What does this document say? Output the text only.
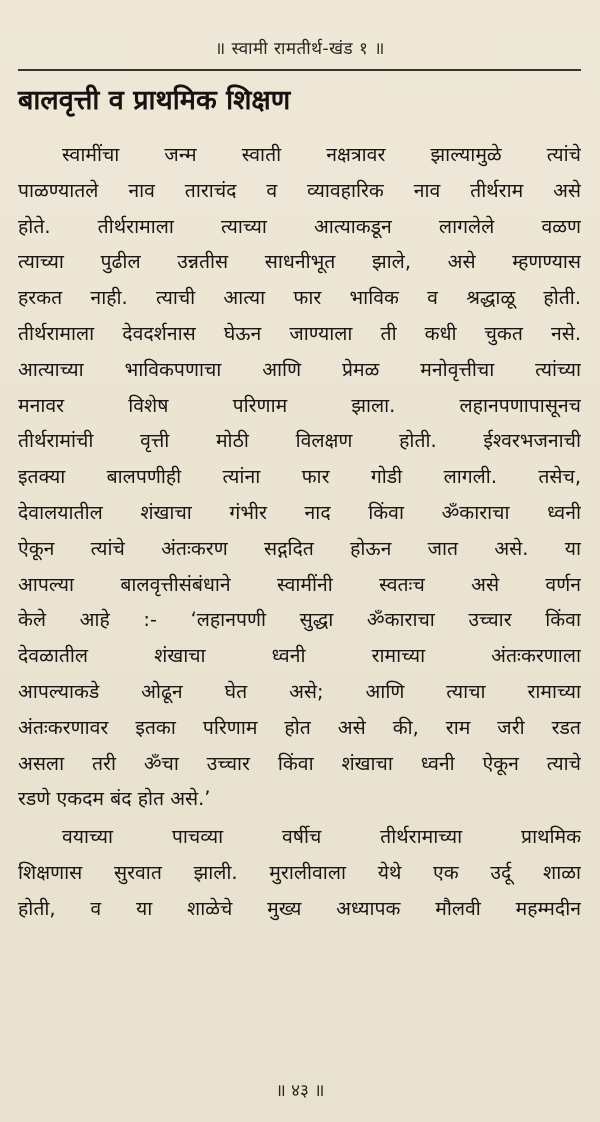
॥ स्वामी रामतीर्थ-खंड १ ॥
बालवृत्ती व प्राथमिक शिक्षण
स्वामींचा जन्म स्वाती नक्षत्रावर झाल्यामुळे त्यांचे
पाळण्यातले नाव ताराचंद व व्यावहारिक नाव तीर्थराम असे
होते. तीर्थरामाला त्याच्या आत्याकडून लागलेले वळण
त्याच्या पुढील उन्नतीस साधनीभूत झाले, असे म्हणण्यास
हरकत नाही. त्याची आत्या फार भाविक व श्रद्धाळू होती.
तीर्थरामाला देवदर्शनास घेऊन जाण्याला ती कधी चुकत नसे.
आत्याच्या भाविकपणाचा आणि प्रेमळ मनोवृत्तीचा त्यांच्या
मनावर विशेष परिणाम झाला. लहानपणापासूनच
तीर्थरामांची वृत्ती मोठी विलक्षण होती. ईश्वरभजनाची
इतक्या बालपणीही त्यांना फार गोडी लागली. तसेच,
देवालयातील शंखाचा गंभीर नाद किंवा ॐकाराचा ध्वनी
ऐकून त्यांचे अंतःकरण सद्गदित होऊन जात असे. या
आपल्या बालवृत्तीसंबंधाने स्वामींनी स्वतःच असे वर्णन
केले आहे :- ‘लहानपणी सुद्धा ॐकाराचा उच्चार किंवा
देवळातील शंखाचा ध्वनी रामाच्या अंतःकरणाला
आपल्याकडे ओढून घेत असे; आणि त्याचा रामाच्या
अंतःकरणावर इतका परिणाम होत असे की, राम जरी रडत
असला तरी ॐचा उच्चार किंवा शंखाचा ध्वनी ऐकून त्याचे
रडणे एकदम बंद होत असे.’
वयाच्या पाचव्या वर्षीच तीर्थरामाच्या प्राथमिक
शिक्षणास सुरवात झाली. मुरालीवाला येथे एक उर्दू शाळा
होती, व या शाळेचे मुख्य अध्यापक मौलवी महम्मदीन
॥ ४३ ॥
